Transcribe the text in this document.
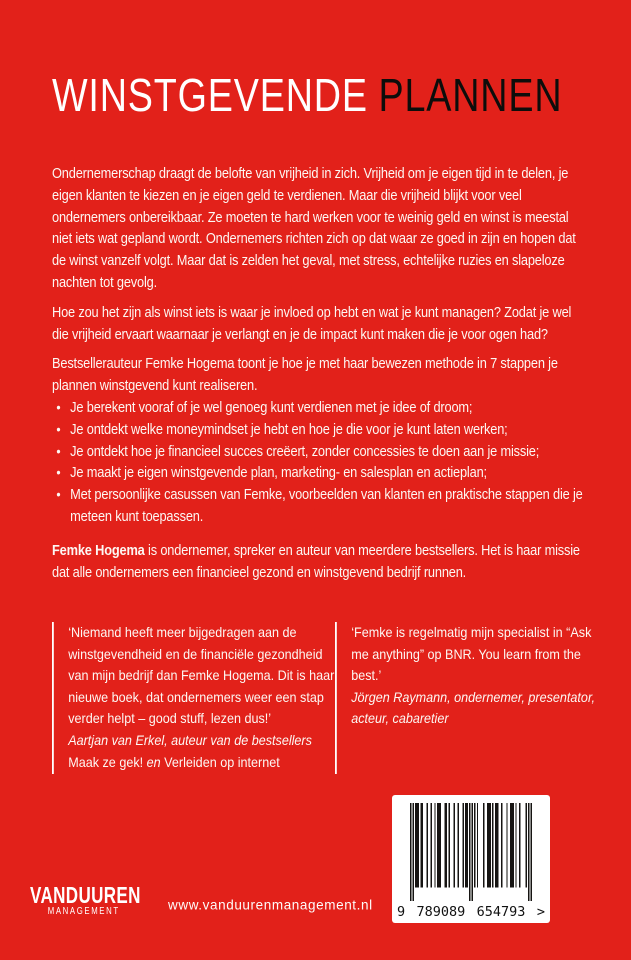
WINSTGEVENDE PLANNEN

Ondernemerschap draagt de belofte van vrijheid in zich. Vrijheid om je eigen tijd in te delen, je eigen klanten te kiezen en je eigen geld te verdienen. Maar die vrijheid blijkt voor veel ondernemers onbereikbaar. Ze moeten te hard werken voor te weinig geld en winst is meestal niet iets wat gepland wordt. Ondernemers richten zich op dat waar ze goed in zijn en hopen dat de winst vanzelf volgt. Maar dat is zelden het geval, met stress, echtelijke ruzies en slapeloze nachten tot gevolg.

Hoe zou het zijn als winst iets is waar je invloed op hebt en wat je kunt managen? Zodat je wel die vrijheid ervaart waarnaar je verlangt en je de impact kunt maken die je voor ogen had?

Bestsellerauteur Femke Hogema toont je hoe je met haar bewezen methode in 7 stappen je plannen winstgevend kunt realiseren.

• Je berekent vooraf of je wel genoeg kunt verdienen met je idee of droom;
• Je ontdekt welke moneymindset je hebt en hoe je die voor je kunt laten werken;
• Je ontdekt hoe je financieel succes creëert, zonder concessies te doen aan je missie;
• Je maakt je eigen winstgevende plan, marketing- en salesplan en actieplan;
• Met persoonlijke casussen van Femke, voorbeelden van klanten en praktische stappen die je meteen kunt toepassen.

Femke Hogema is ondernemer, spreker en auteur van meerdere bestsellers. Het is haar missie dat alle ondernemers een financieel gezond en winstgevend bedrijf runnen.

‘Niemand heeft meer bijgedragen aan de winstgevendheid en de financiële gezondheid van mijn bedrijf dan Femke Hogema. Dit is haar nieuwe boek, dat ondernemers weer een stap verder helpt – good stuff, lezen dus!’

Aartjan van Erkel, auteur van de bestsellers

Maak ze gek! en Verleiden op internet

‘Femke is regelmatig mijn specialist in “Ask me anything” op BNR. You learn from the best.’

Jörgen Raymann, ondernemer, presentator, acteur, cabaretier

VANDUUREN
MANAGEMENT	www.vanduurenmanagement.nl 9 789089 654793 >
